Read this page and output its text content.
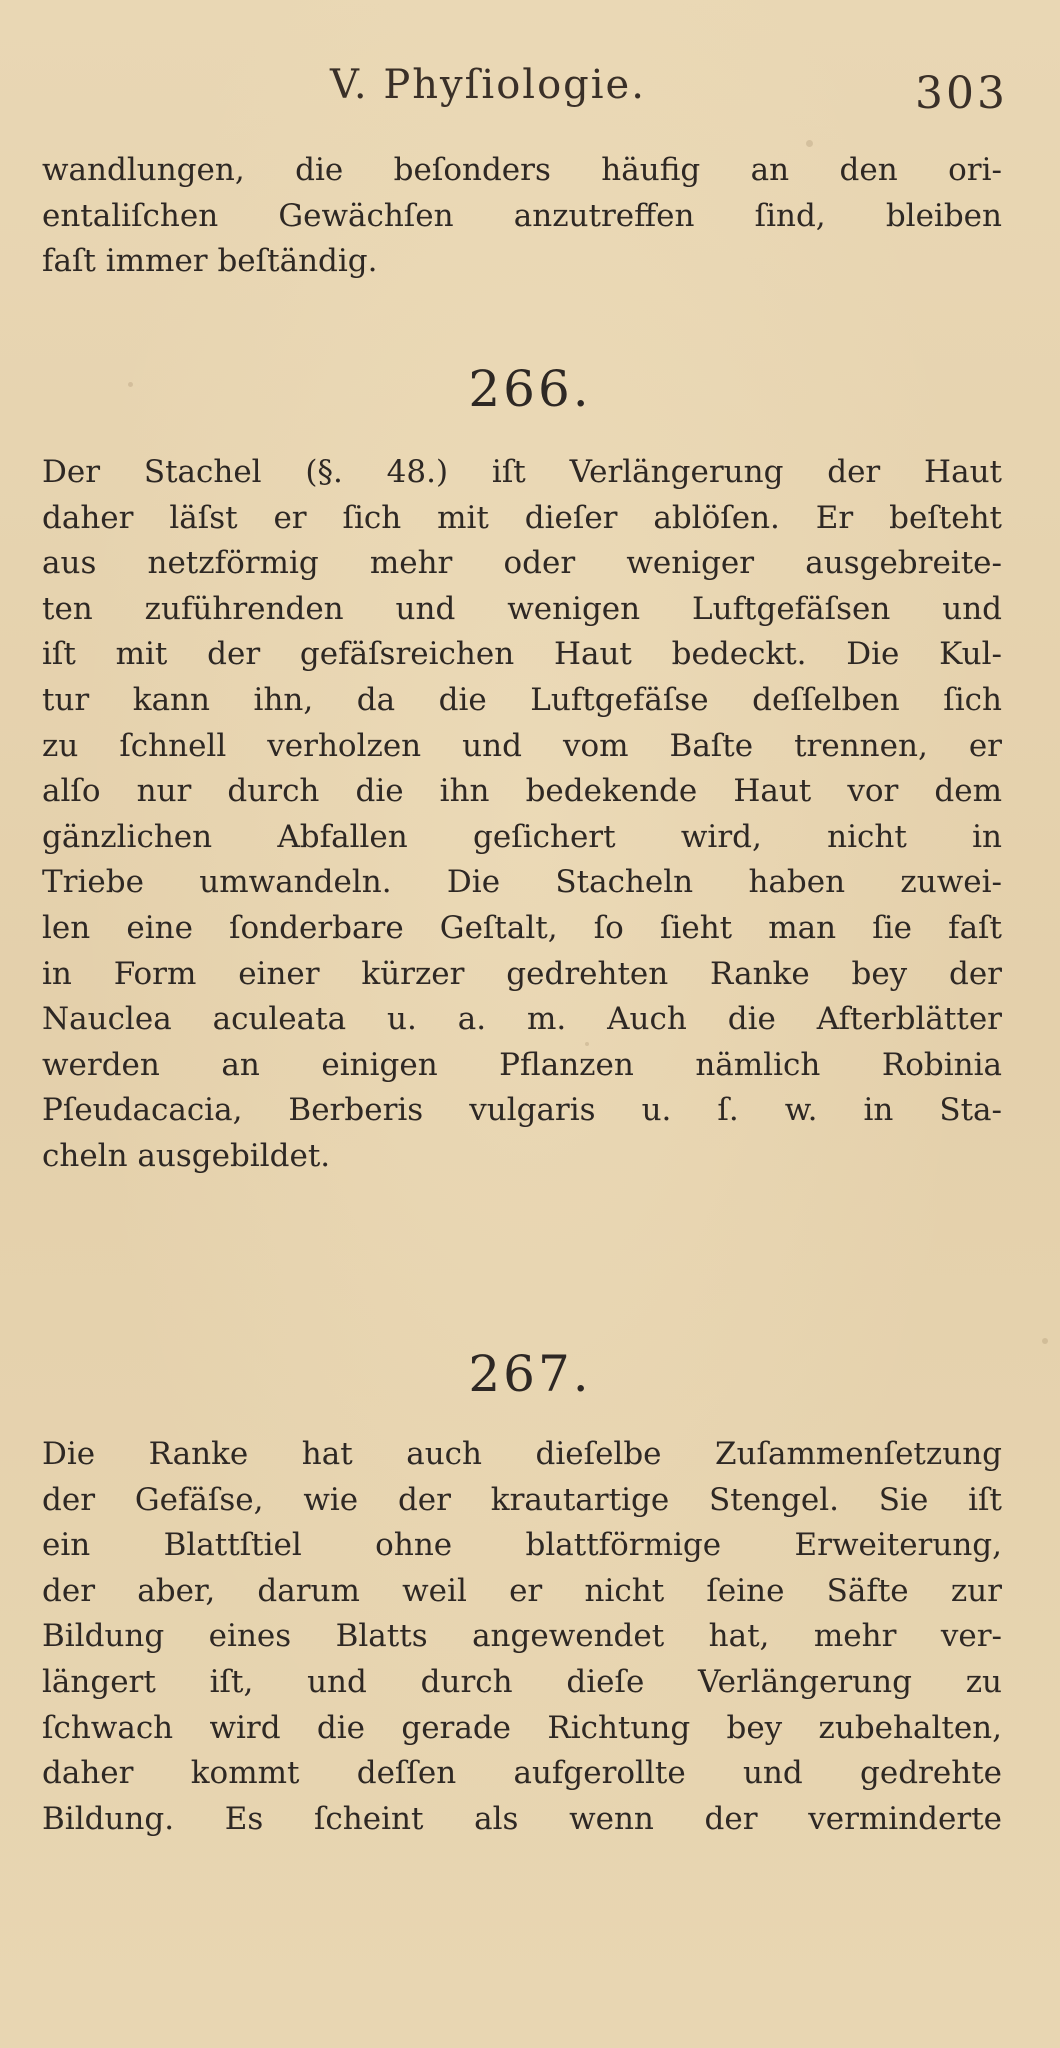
V. Phyſiologie.	303
wandlungen, die beſonders häufig an den ori-
entaliſchen Gewächſen anzutreffen ſind, bleiben
faſt immer beſtändig.
266.
Der Stachel (§. 48.) iſt Verlängerung der Haut
daher läſst er ſich mit dieſer ablöſen. Er beſteht
aus netzförmig mehr oder weniger ausgebreite-
ten zuführenden und wenigen Luftgefäſsen und
iſt mit der gefäſsreichen Haut bedeckt. Die Kul-
tur kann ihn, da die Luftgefäſse deſſelben ſich
zu ſchnell verholzen und vom Baſte trennen, er
alſo nur durch die ihn bedekende Haut vor dem
gänzlichen Abfallen geſichert wird, nicht in
Triebe umwandeln. Die Stacheln haben zuwei-
len eine ſonderbare Geſtalt, ſo ſieht man ſie faſt
in Form einer kürzer gedrehten Ranke bey der
Nauclea aculeata u. a. m. Auch die Afterblätter
werden an einigen Pflanzen nämlich Robinia
Pſeudacacia, Berberis vulgaris u. ſ. w. in Sta-
cheln ausgebildet.
267.
Die Ranke hat auch dieſelbe Zuſammenſetzung
der Gefäſse, wie der krautartige Stengel. Sie iſt
ein Blattſtiel ohne blattförmige Erweiterung,
der aber, darum weil er nicht ſeine Säfte zur
Bildung eines Blatts angewendet hat, mehr ver-
längert iſt, und durch dieſe Verlängerung zu
ſchwach wird die gerade Richtung bey zubehalten,
daher kommt deſſen aufgerollte und gedrehte
Bildung. Es ſcheint als wenn der verminderte
